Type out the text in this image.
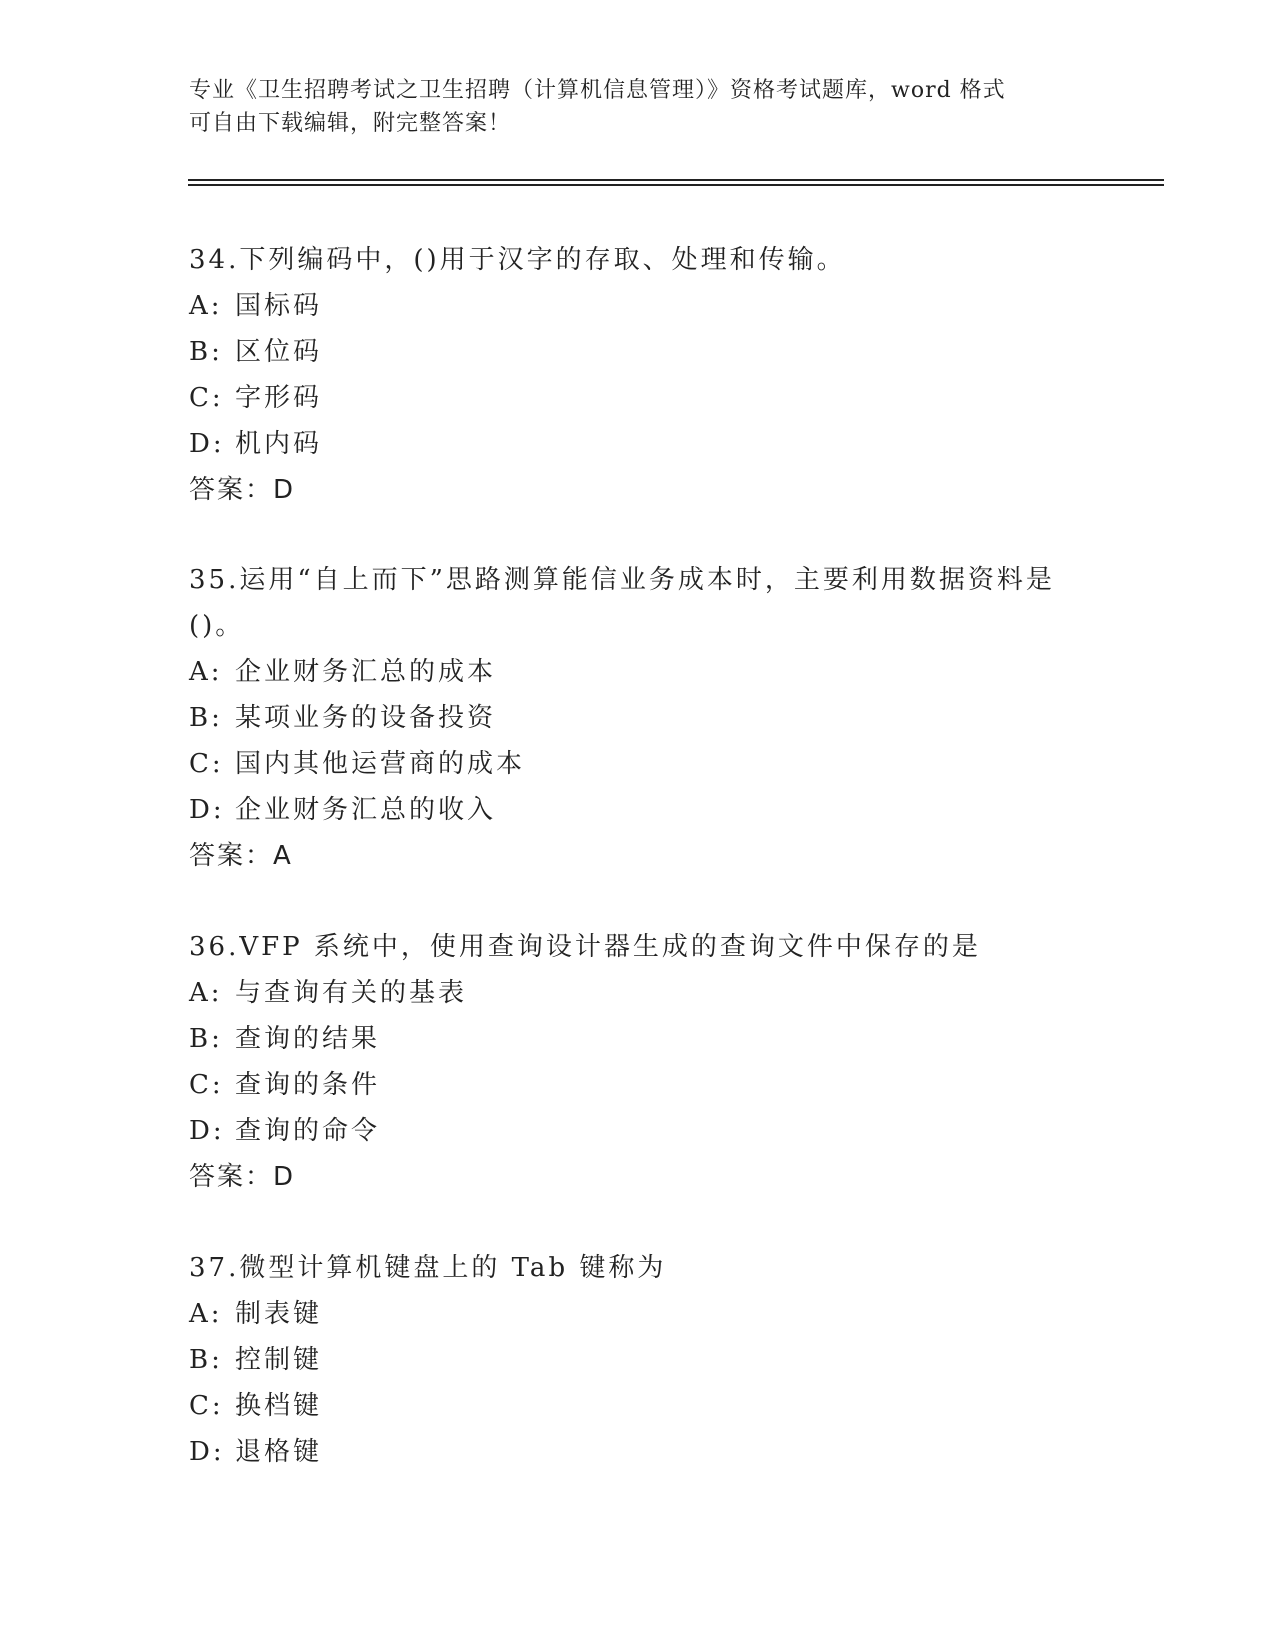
专业《卫生招聘考试之卫生招聘（计算机信息管理）》资格考试题库，word 格式
可自由下载编辑，附完整答案！
34.下列编码中，()用于汉字的存取、处理和传输。
A: 国标码
B: 区位码
C: 字形码
D: 机内码
答案：D
35.运用“自上而下”思路测算能信业务成本时，主要利用数据资料是
()。
A: 企业财务汇总的成本
B: 某项业务的设备投资
C: 国内其他运营商的成本
D: 企业财务汇总的收入
答案：A
36.VFP 系统中，使用查询设计器生成的查询文件中保存的是
A: 与查询有关的基表
B: 查询的结果
C: 查询的条件
D: 查询的命令
答案：D
37.微型计算机键盘上的 Tab 键称为
A: 制表键
B: 控制键
C: 换档键
D: 退格键
